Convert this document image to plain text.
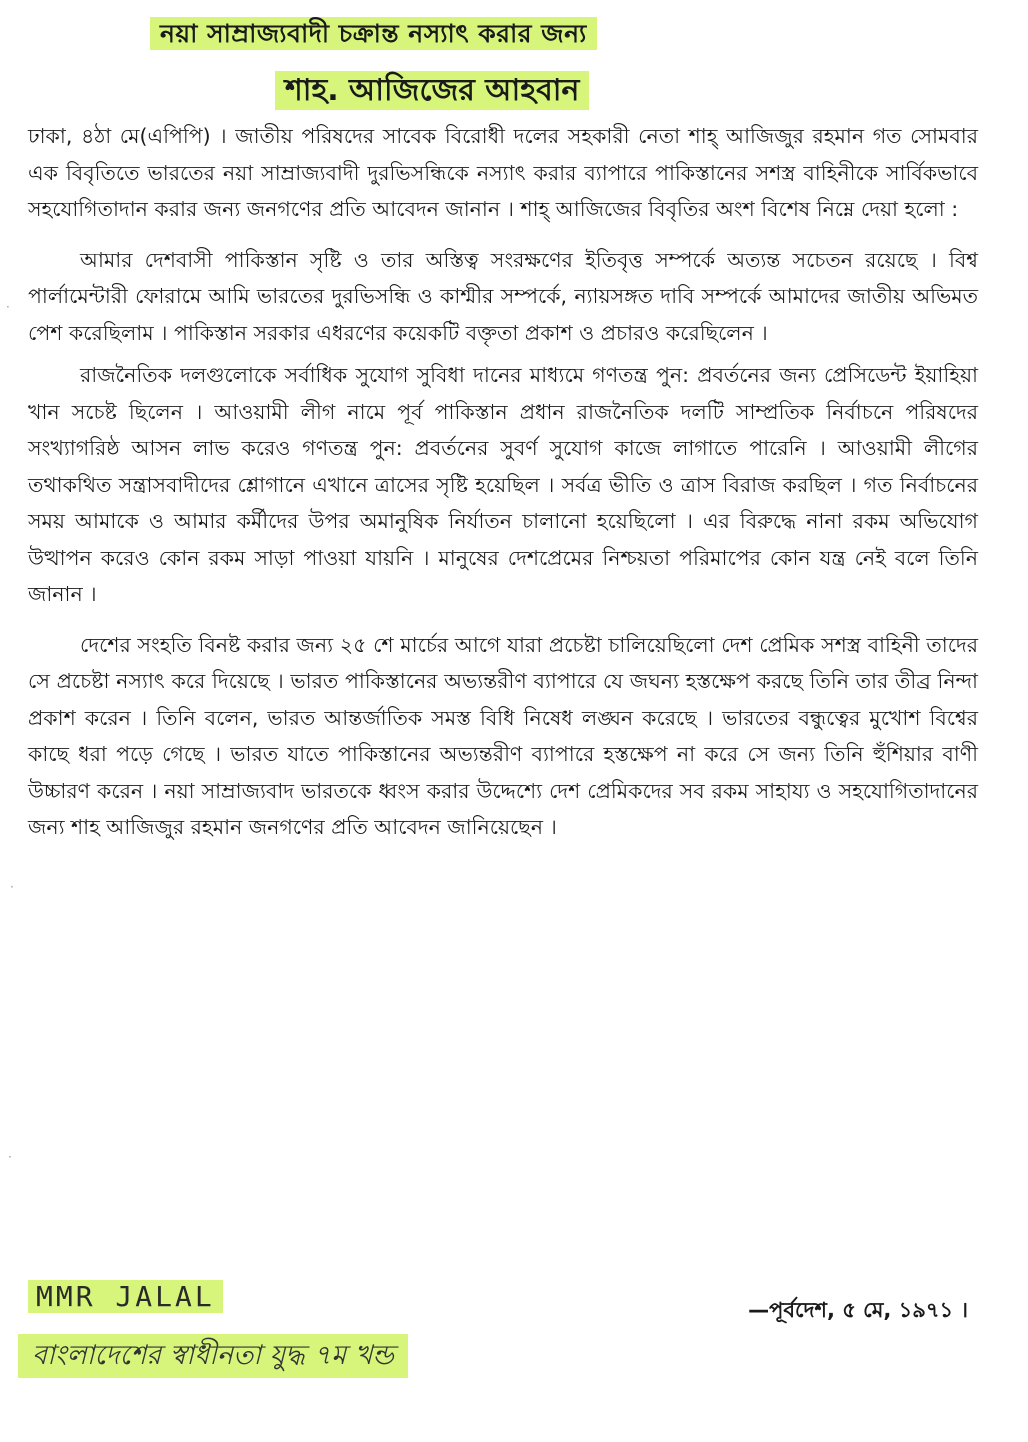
নয়া সাম্রাজ্যবাদী চক্রান্ত নস্যাৎ করার জন্য
শাহ. আজিজের আহবান

ঢাকা, ৪ঠা মে(এপিপি) । জাতীয় পরিষদের সাবেক বিরোধী দলের সহকারী নেতা শাহ্ আজিজুর রহমান গত সোমবার এক বিবৃতিতে ভারতের নয়া সাম্রাজ্যবাদী দুরভিসন্ধিকে নস্যাৎ করার ব্যাপারে পাকিস্তানের সশস্ত্র বাহিনীকে সার্বিকভাবে সহযোগিতাদান করার জন্য জনগণের প্রতি আবেদন জানান । শাহ্ আজিজের বিবৃতির অংশ বিশেষ নিম্নে দেয়া হলো :

আমার দেশবাসী পাকিস্তান সৃষ্টি ও তার অস্তিত্ব সংরক্ষণের ইতিবৃত্ত সম্পর্কে অত্যন্ত সচেতন রয়েছে । বিশ্ব পার্লামেন্টারী ফোরামে আমি ভারতের দুরভিসন্ধি ও কাশ্মীর সম্পর্কে, ন্যায়সঙ্গত দাবি সম্পর্কে আমাদের জাতীয় অভিমত পেশ করেছিলাম । পাকিস্তান সরকার এধরণের কয়েকটি বক্তৃতা প্রকাশ ও প্রচারও করেছিলেন ।

রাজনৈতিক দলগুলোকে সর্বাধিক সুযোগ সুবিধা দানের মাধ্যমে গণতন্ত্র পুন: প্রবর্তনের জন্য প্রেসিডেন্ট ইয়াহিয়া খান সচেষ্ট ছিলেন । আওয়ামী লীগ নামে পূর্ব পাকিস্তান প্রধান রাজনৈতিক দলটি সাম্প্রতিক নির্বাচনে পরিষদের সংখ্যাগরিষ্ঠ আসন লাভ করেও গণতন্ত্র পুন: প্রবর্তনের সুবর্ণ সুযোগ কাজে লাগাতে পারেনি । আওয়ামী লীগের তথাকথিত সন্ত্রাসবাদীদের শ্লোগানে এখানে ত্রাসের সৃষ্টি হয়েছিল । সর্বত্র ভীতি ও ত্রাস বিরাজ করছিল । গত নির্বাচনের সময় আমাকে ও আমার কর্মীদের উপর অমানুষিক নির্যাতন চালানো হয়েছিলো । এর বিরুদ্ধে নানা রকম অভিযোগ উত্থাপন করেও কোন রকম সাড়া পাওয়া যায়নি । মানুষের দেশপ্রেমের নিশ্চয়তা পরিমাপের কোন যন্ত্র নেই বলে তিনি জানান ।

দেশের সংহতি বিনষ্ট করার জন্য ২৫ শে মার্চের আগে যারা প্রচেষ্টা চালিয়েছিলো দেশ প্রেমিক সশস্ত্র বাহিনী তাদের সে প্রচেষ্টা নস্যাৎ করে দিয়েছে । ভারত পাকিস্তানের অভ্যন্তরীণ ব্যাপারে যে জঘন্য হস্তক্ষেপ করছে তিনি তার তীব্র নিন্দা প্রকাশ করেন । তিনি বলেন, ভারত আন্তর্জাতিক সমস্ত বিধি নিষেধ লঙ্ঘন করেছে । ভারতের বন্ধুত্বের মুখোশ বিশ্বের কাছে ধরা পড়ে গেছে । ভারত যাতে পাকিস্তানের অভ্যন্তরীণ ব্যাপারে হস্তক্ষেপ না করে সে জন্য তিনি হুঁশিয়ার বাণী উচ্চারণ করেন । নয়া সাম্রাজ্যবাদ ভারতকে ধ্বংস করার উদ্দেশ্যে দেশ প্রেমিকদের সব রকম সাহায্য ও সহযোগিতাদানের জন্য শাহ আজিজুর রহমান জনগণের প্রতি আবেদন জানিয়েছেন ।

MMR JALAL	—পূর্বদেশ, ৫ মে, ১৯৭১ ।
বাংলাদেশের স্বাধীনতা যুদ্ধ ৭ম খন্ড
·
·
·
